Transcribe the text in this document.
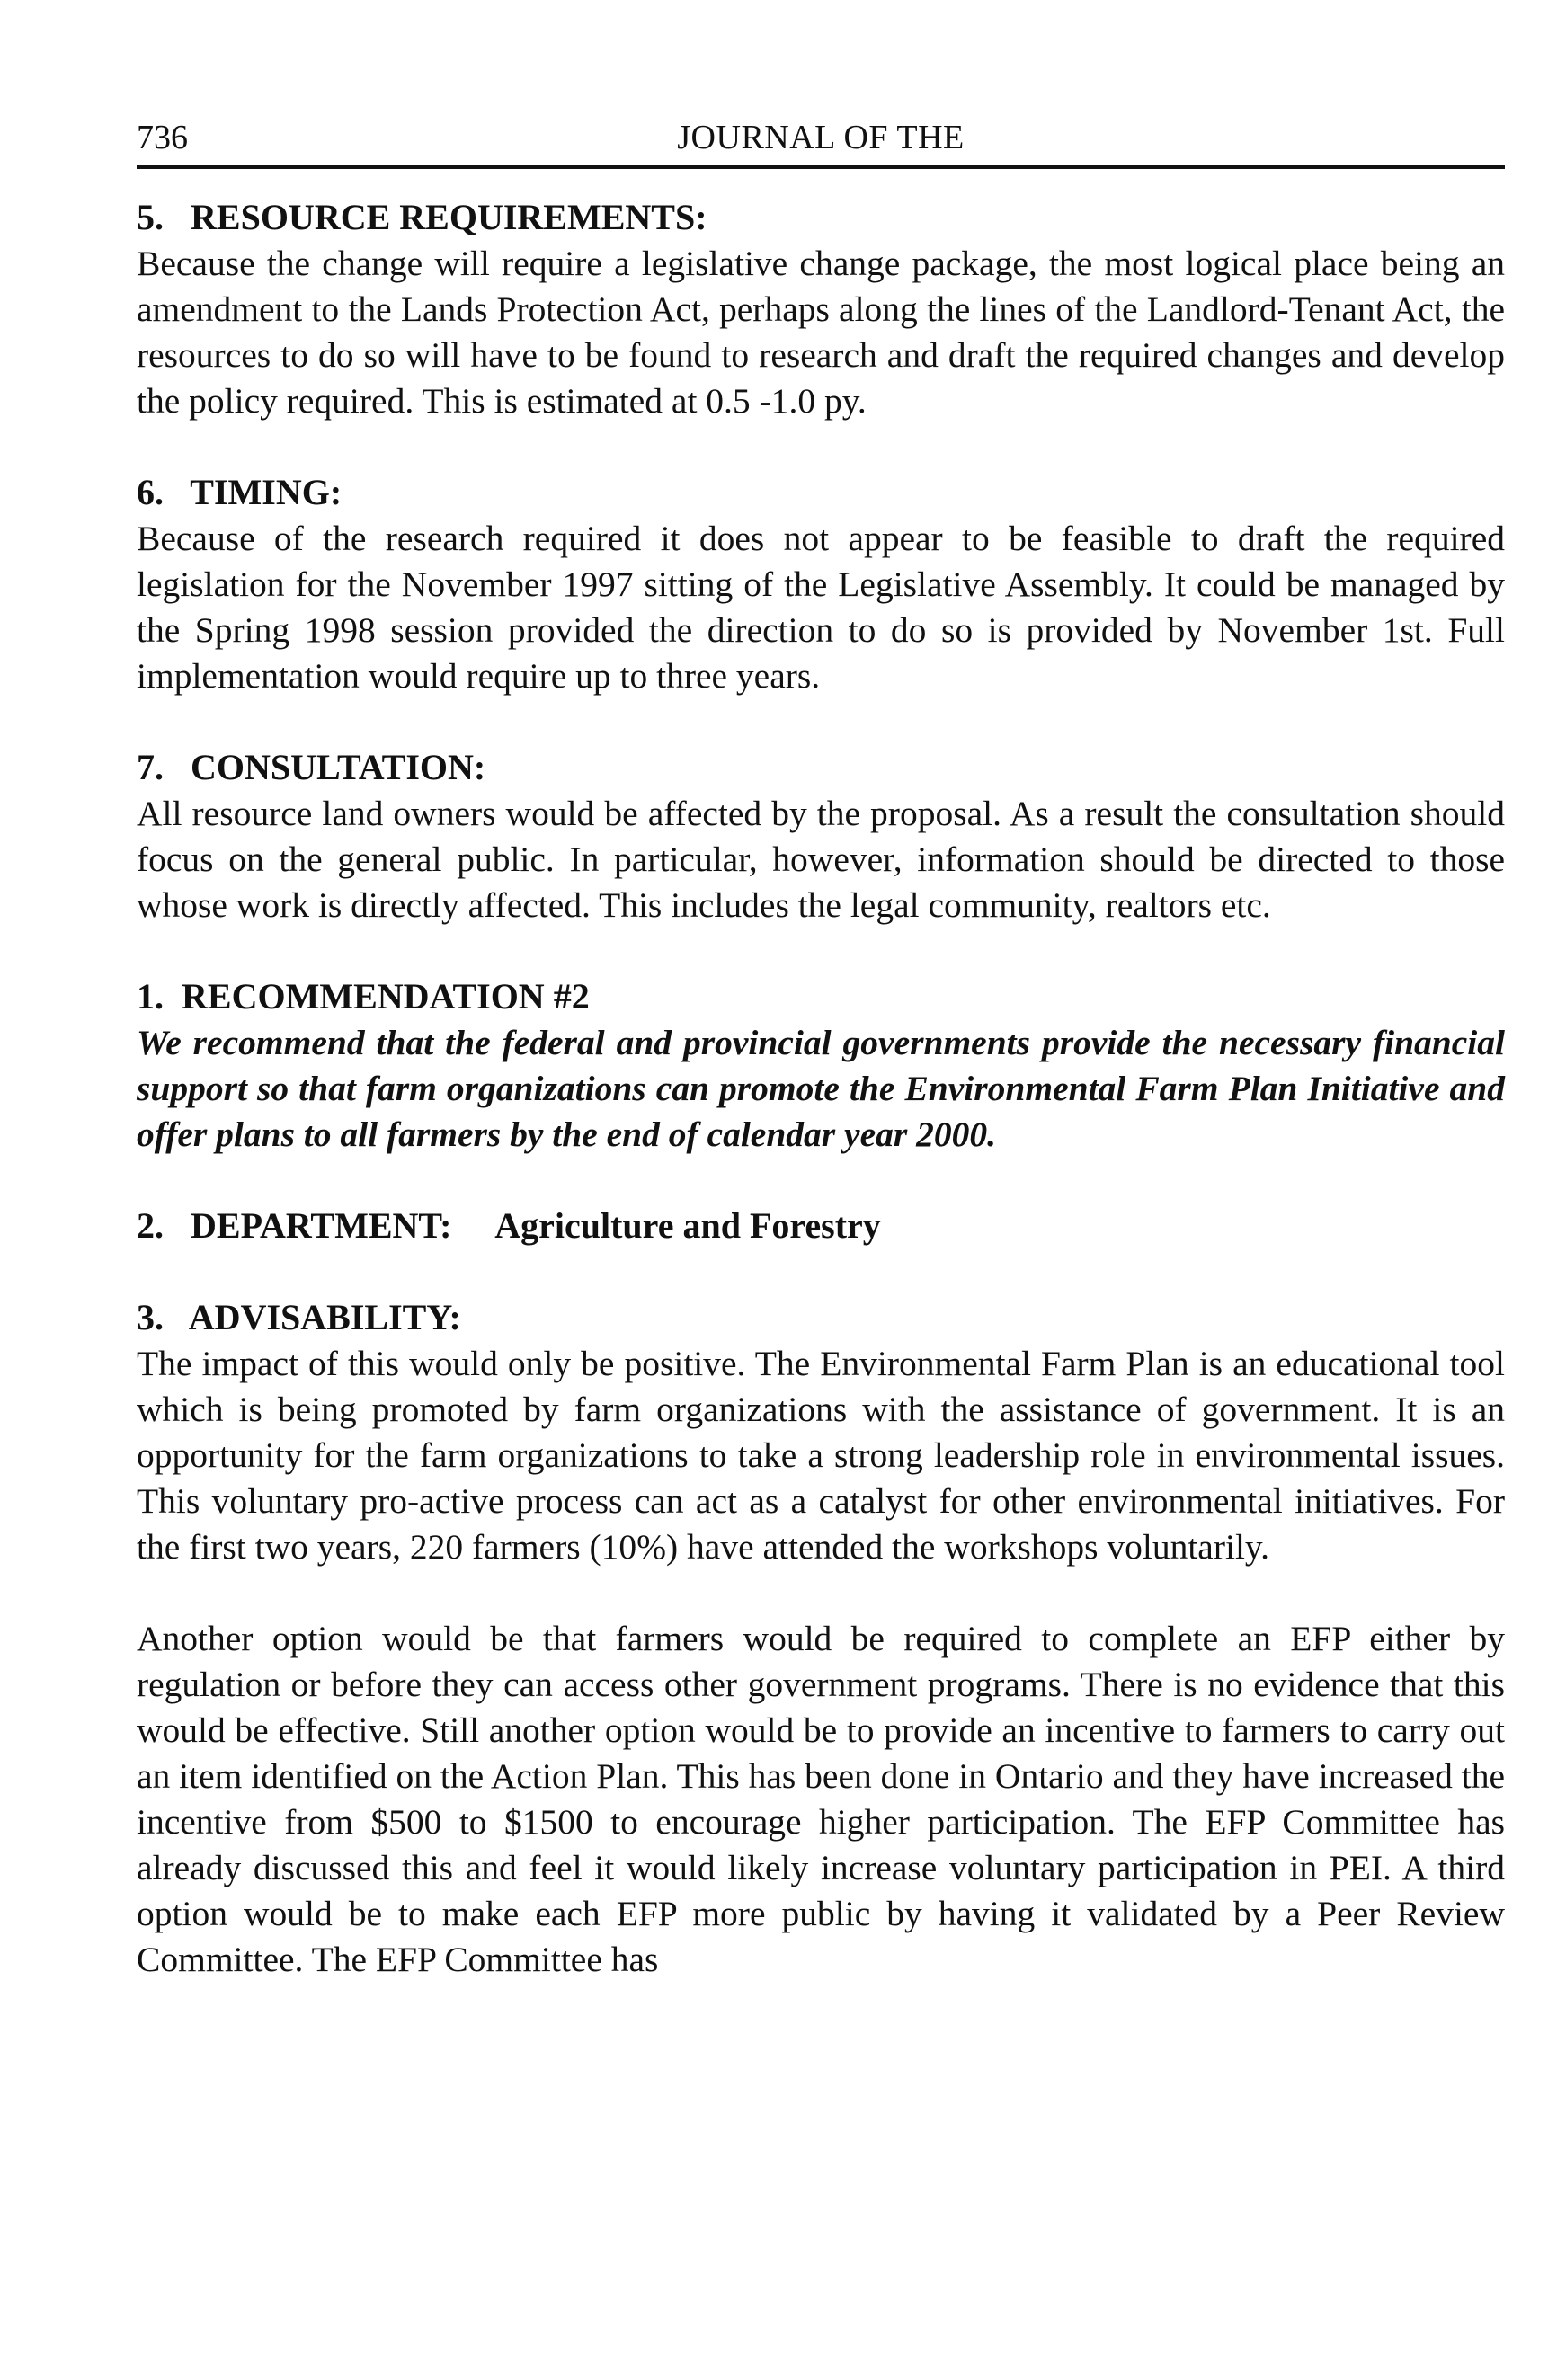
736	JOURNAL OF THE

5. RESOURCE REQUIREMENTS:

Because the change will require a legislative change package, the most logical place being an amendment to the Lands Protection Act, perhaps along the lines of the Landlord-Tenant Act, the resources to do so will have to be found to research and draft the required changes and develop the policy required. This is estimated at 0.5 -1.0 py.

6. TIMING:

Because of the research required it does not appear to be feasible to draft the required legislation for the November 1997 sitting of the Legislative Assembly. It could be managed by the Spring 1998 session provided the direction to do so is provided by November 1st. Full implementation would require up to three years.

7. CONSULTATION:

All resource land owners would be affected by the proposal. As a result the consultation should focus on the general public. In particular, however, information should be directed to those whose work is directly affected. This includes the legal community, realtors etc.

1. RECOMMENDATION #2

We recommend that the federal and provincial governments provide the necessary financial support so that farm organizations can promote the Environmental Farm Plan Initiative and offer plans to all farmers by the end of calendar year 2000.

2. DEPARTMENT: Agriculture and Forestry

3. ADVISABILITY:

The impact of this would only be positive. The Environmental Farm Plan is an educational tool which is being promoted by farm organizations with the assistance of government. It is an opportunity for the farm organizations to take a strong leadership role in environmental issues. This voluntary pro-active process can act as a catalyst for other environmental initiatives. For the first two years, 220 farmers (10%) have attended the workshops voluntarily.

Another option would be that farmers would be required to complete an EFP either by regulation or before they can access other government programs. There is no evidence that this would be effective. Still another option would be to provide an incentive to farmers to carry out an item identified on the Action Plan. This has been done in Ontario and they have increased the incentive from $500 to $1500 to encourage higher participation. The EFP Committee has already discussed this and feel it would likely increase voluntary participation in PEI. A third option would be to make each EFP more public by having it validated by a Peer Review Committee. The EFP Committee has
